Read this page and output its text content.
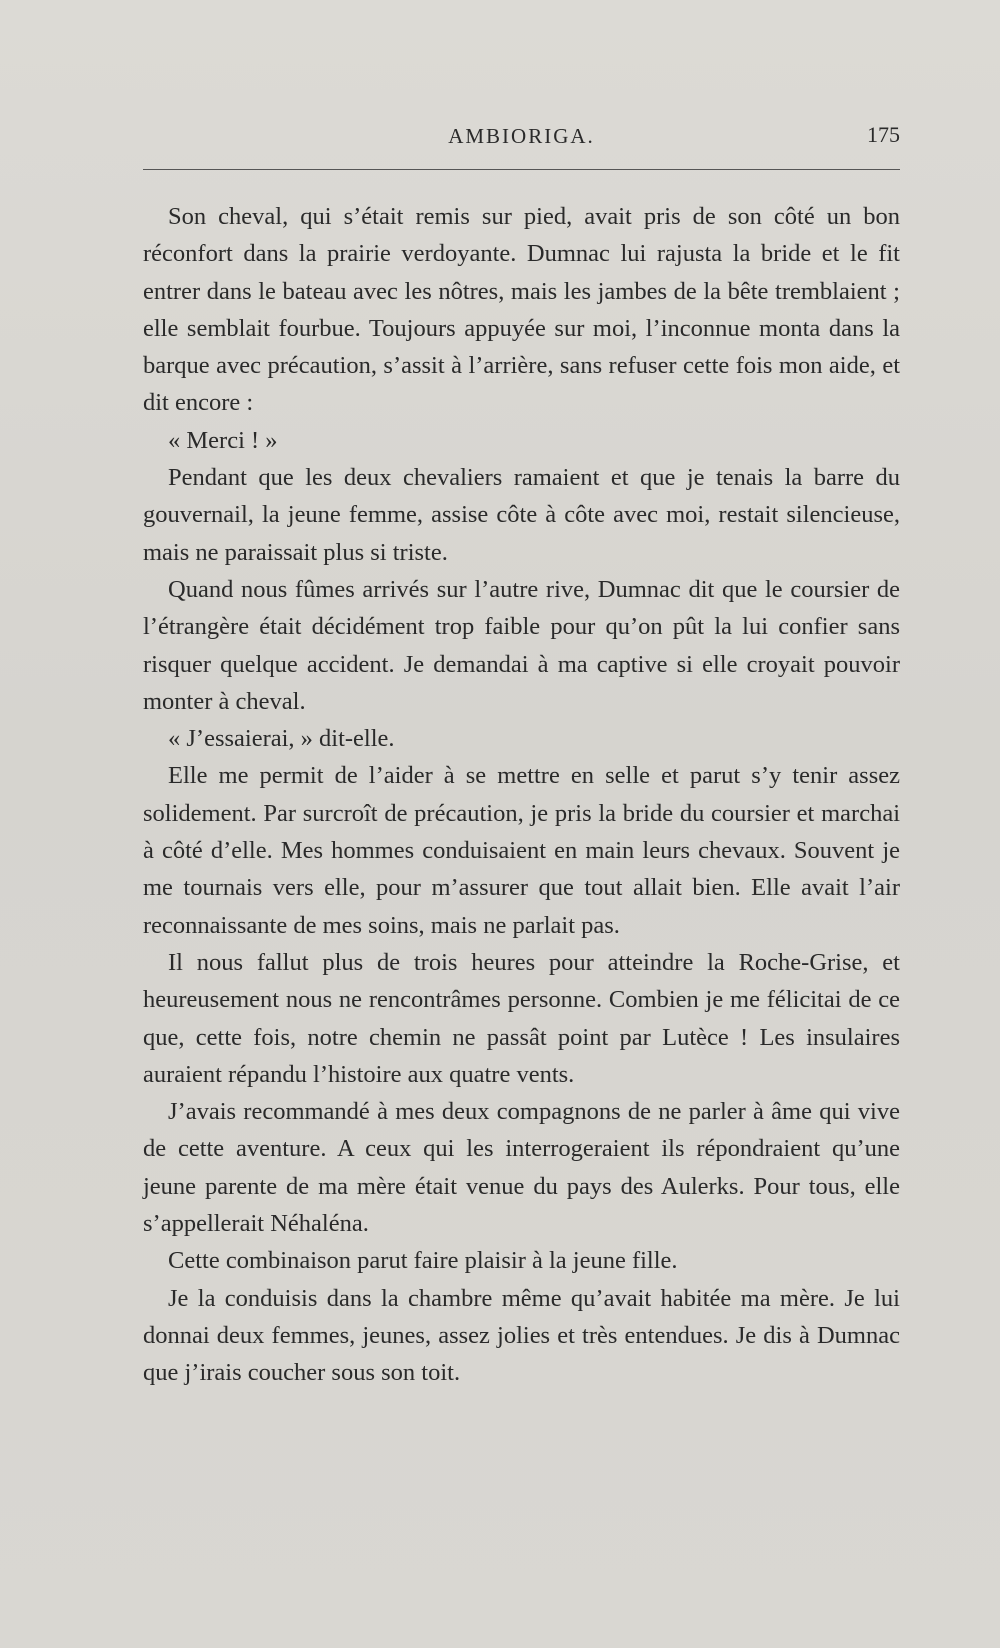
AMBIORIGA.	175

Son cheval, qui s’était remis sur pied, avait pris de son côté un bon réconfort dans la prairie verdoyante. Dumnac lui rajusta la bride et le fit entrer dans le bateau avec les nôtres, mais les jambes de la bête tremblaient ; elle semblait fourbue. Toujours appuyée sur moi, l’inconnue monta dans la barque avec précaution, s’assit à l’arrière, sans refuser cette fois mon aide, et dit encore :

« Merci ! »

Pendant que les deux chevaliers ramaient et que je tenais la barre du gouvernail, la jeune femme, assise côte à côte avec moi, restait silencieuse, mais ne paraissait plus si triste.

Quand nous fûmes arrivés sur l’autre rive, Dumnac dit que le coursier de l’étrangère était décidément trop faible pour qu’on pût la lui confier sans risquer quelque accident. Je demandai à ma captive si elle croyait pouvoir monter à cheval.

« J’essaierai, » dit-elle.

Elle me permit de l’aider à se mettre en selle et parut s’y tenir assez solidement. Par surcroît de précaution, je pris la bride du coursier et marchai à côté d’elle. Mes hommes conduisaient en main leurs chevaux. Souvent je me tournais vers elle, pour m’assurer que tout allait bien. Elle avait l’air reconnaissante de mes soins, mais ne parlait pas.

Il nous fallut plus de trois heures pour atteindre la Roche-Grise, et heureusement nous ne rencontrâmes personne. Combien je me félicitai de ce que, cette fois, notre chemin ne passât point par Lutèce ! Les insulaires auraient répandu l’histoire aux quatre vents.

J’avais recommandé à mes deux compagnons de ne parler à âme qui vive de cette aventure. A ceux qui les interrogeraient ils répondraient qu’une jeune parente de ma mère était venue du pays des Aulerks. Pour tous, elle s’appellerait Néhaléna.

Cette combinaison parut faire plaisir à la jeune fille.

Je la conduisis dans la chambre même qu’avait habitée ma mère. Je lui donnai deux femmes, jeunes, assez jolies et très entendues. Je dis à Dumnac que j’irais coucher sous son toit.
